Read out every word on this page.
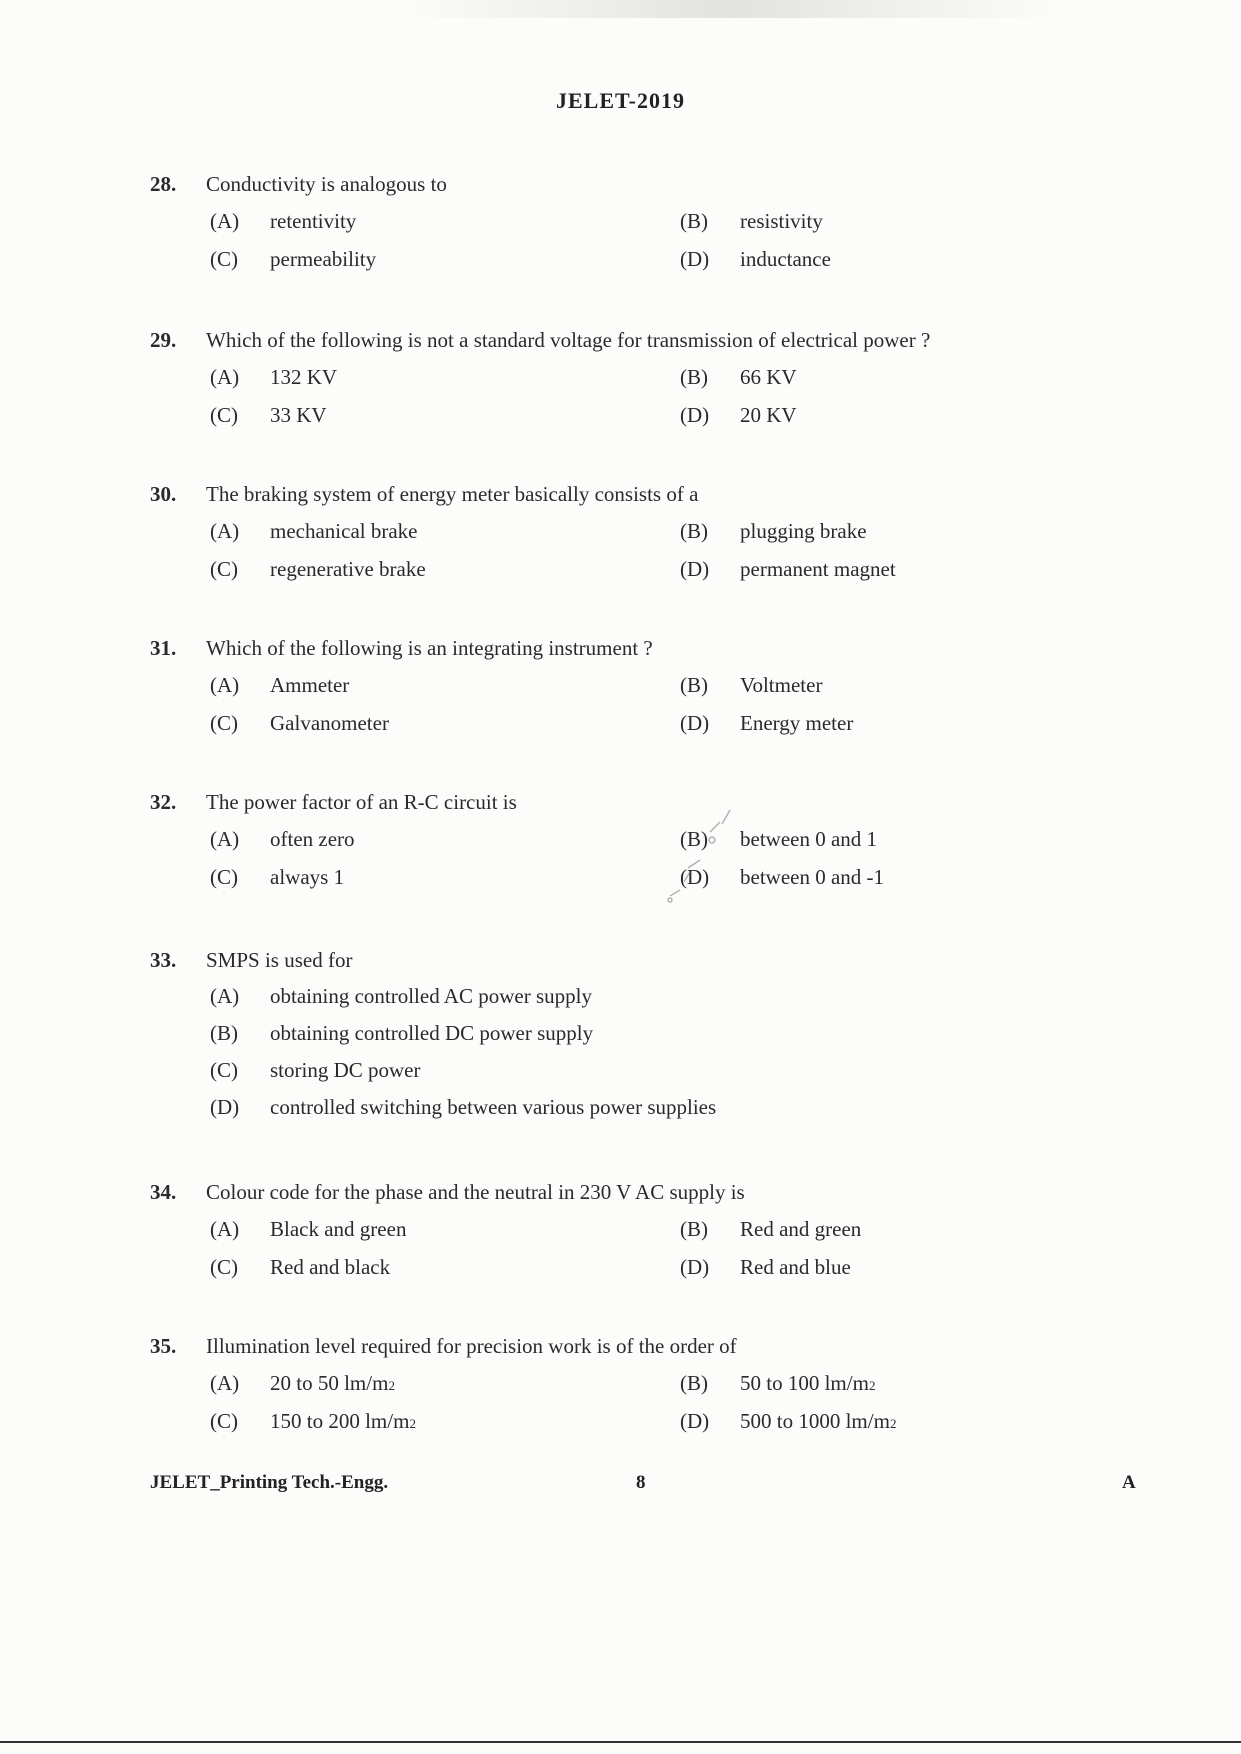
JELET-2019
28.	Conductivity is analogous to
(A)	retentivity	(B)	resistivity
(C)	permeability	(D)	inductance
29.	Which of the following is not a standard voltage for transmission of electrical power ?
(A)	132 KV	(B)	66 KV
(C)	33 KV	(D)	20 KV
30.	The braking system of energy meter basically consists of a
(A)	mechanical brake	(B)	plugging brake
(C)	regenerative brake	(D)	permanent magnet
31.	Which of the following is an integrating instrument ?
(A)	Ammeter	(B)	Voltmeter
(C)	Galvanometer	(D)	Energy meter
32.	The power factor of an R-C circuit is
(A)	often zero	(B)	between 0 and 1
(C)	always 1	(D)	between 0 and -1
33.	SMPS is used for
(A)	obtaining controlled AC power supply
(B)	obtaining controlled DC power supply
(C)	storing DC power
(D)	controlled switching between various power supplies
34.	Colour code for the phase and the neutral in 230 V AC supply is
(A)	Black and green	(B)	Red and green
(C)	Red and black	(D)	Red and blue
35.	Illumination level required for precision work is of the order of
(A)	20 to 50 lm/m 2	(B)	50 to 100 lm/m 2
(C)	150 to 200 lm/m 2	(D)	500 to 1000 lm/m 2
JELET_Printing Tech.-Engg.	8	A
